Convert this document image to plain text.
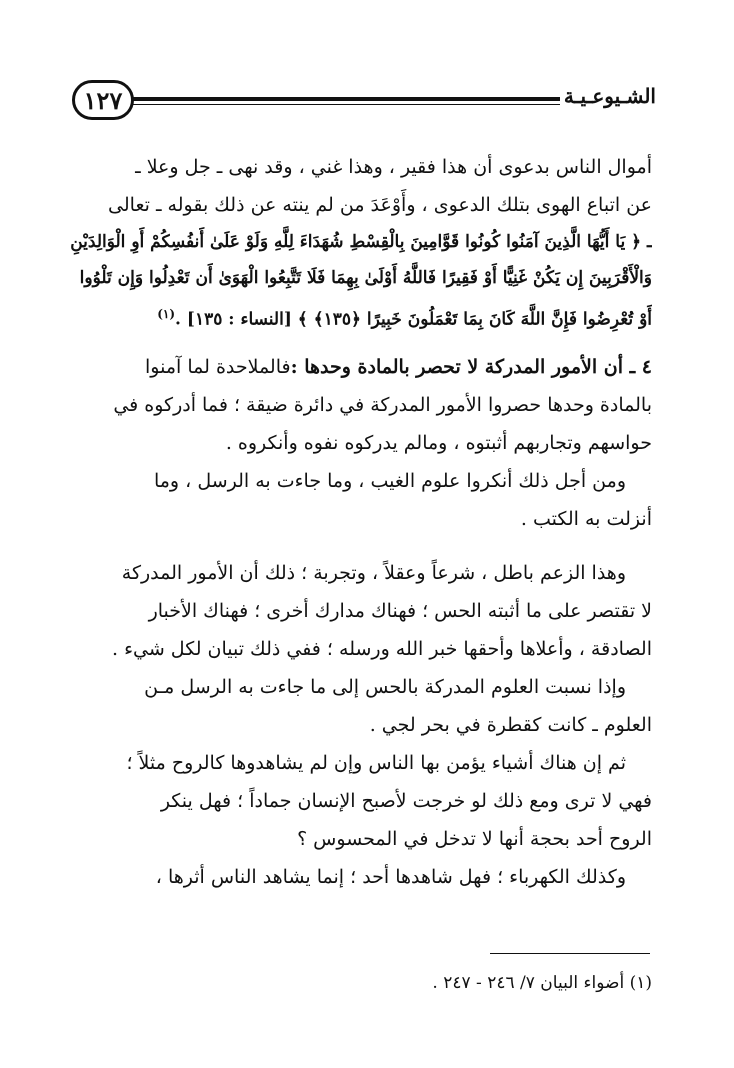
١٢٧	الشـيوعـيـة
أموال الناس بدعوى أن هذا فقير ، وهذا غني ، وقد نهى ـ جل وعلا ـ
عن اتباع الهوى بتلك الدعوى ، وأَوْعَدَ من لم ينته عن ذلك بقوله ـ تعالى
ـ ﴿ يَا أَيُّهَا الَّذِينَ آمَنُوا كُونُوا قَوَّامِينَ بِالْقِسْطِ شُهَدَاءَ لِلَّهِ وَلَوْ عَلَىٰ أَنفُسِكُمْ أَوِ الْوَالِدَيْنِ
وَالْأَقْرَبِينَ إِن يَكُنْ غَنِيًّا أَوْ فَقِيرًا فَاللَّهُ أَوْلَىٰ بِهِمَا فَلَا تَتَّبِعُوا الْهَوَىٰ أَن تَعْدِلُوا وَإِن تَلْوُوا
أَوْ تُعْرِضُوا فَإِنَّ اللَّهَ كَانَ بِمَا تَعْمَلُونَ خَبِيرًا ﴿١٣٥﴾ ﴾ [النساء : ١٣٥] .$^{(١)}$
٤ ـ أن الأمور المدركة لا تحصر بالمادة وحدها :فالملاحدة لما آمنوا
بالمادة وحدها حصروا الأمور المدركة في دائرة ضيقة ؛ فما أدركوه في
حواسهم وتجاربهم أثبتوه ، ومالم يدركوه نفوه وأنكروه .
ومن أجل ذلك أنكروا علوم الغيب ، وما جاءت به الرسل ، وما
أنزلت به الكتب .
وهذا الزعم باطل ، شرعاً وعقلاً ، وتجربة ؛ ذلك أن الأمور المدركة
لا تقتصر على ما أثبته الحس ؛ فهناك مدارك أخرى ؛ فهناك الأخبار
الصادقة ، وأعلاها وأحقها خبر الله ورسله ؛ ففي ذلك تبيان لكل شيء .
وإذا نسبت العلوم المدركة بالحس إلى ما جاءت به الرسل مـن
العلوم ـ كانت كقطرة في بحر لجي .
ثم إن هناك أشياء يؤمن بها الناس وإن لم يشاهدوها كالروح مثلاً ؛
فهي لا ترى ومع ذلك لو خرجت لأصبح الإنسان جماداً ؛ فهل ينكر
الروح أحد بحجة أنها لا تدخل في المحسوس ؟
وكذلك الكهرباء ؛ فهل شاهدها أحد ؛ إنما يشاهد الناس أثرها ،
(١) أضواء البيان ٧/ ٢٤٦ - ٢٤٧ .
